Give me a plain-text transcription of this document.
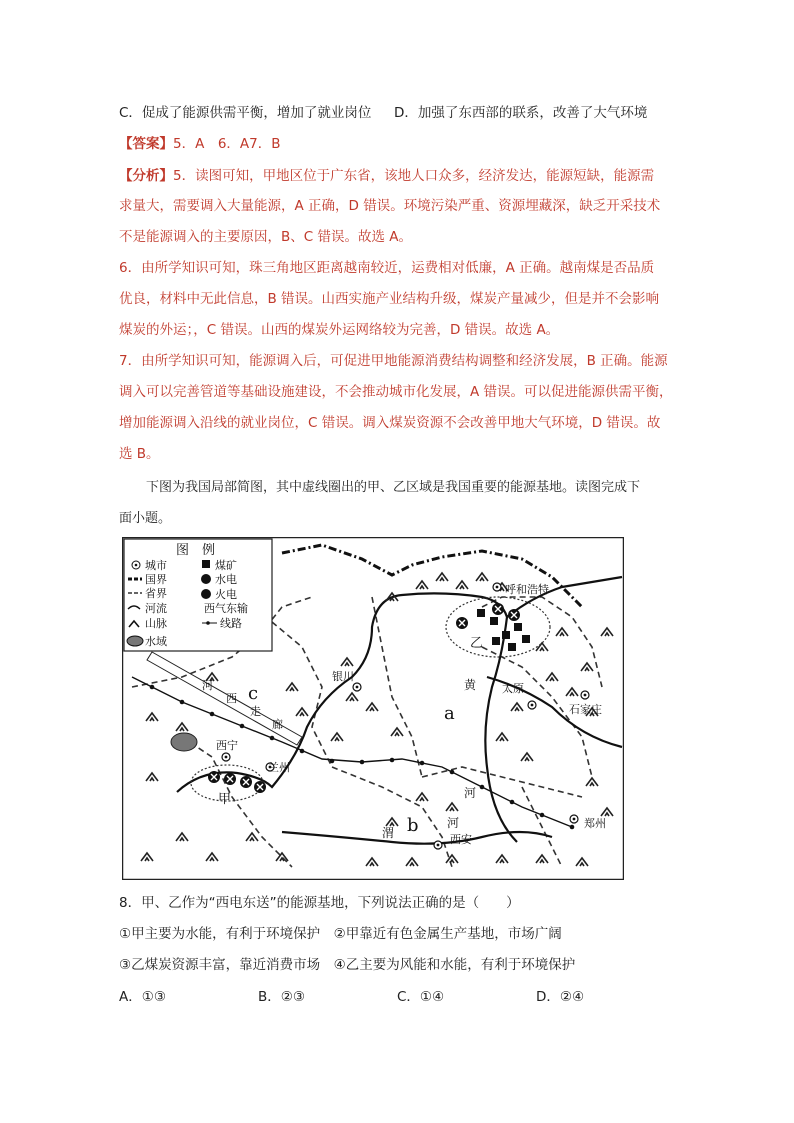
C．促成了能源供需平衡，增加了就业岗位 D．加强了东西部的联系，改善了大气环境
【答案】5．A　6．A7．B
【分析】5．读图可知，甲地区位于广东省，该地人口众多，经济发达，能源短缺，能源需
求量大，需要调入大量能源，A 正确，D 错误。环境污染严重、资源埋藏深，缺乏开采技术
不是能源调入的主要原因，B、C 错误。故选 A。
6．由所学知识可知，珠三角地区距离越南较近，运费相对低廉，A 正确。越南煤是否品质
优良，材料中无此信息，B 错误。山西实施产业结构升级，煤炭产量减少，但是并不会影响
煤炭的外运；，C 错误。山西的煤炭外运网络较为完善，D 错误。故选 A。
7．由所学知识可知，能源调入后，可促进甲地能源消费结构调整和经济发展，B 正确。能源
调入可以完善管道等基础设施建设，不会推动城市化发展，A 错误。可以促进能源供需平衡，
增加能源调入沿线的就业岗位，C 错误。调入煤炭资源不会改善甲地大气环境，D 错误。故
选 B。
下图为我国局部简图，其中虚线圈出的甲、乙区域是我国重要的能源基地。读图完成下
面小题。
图　例
城市	煤矿
国界	水电
省界	火电
河流	西气东输
山脉	线路
水域
呼和浩特
银川
太原
石家庄
西宁
兰州
西安
郑州
甲
乙
a
b
c	黄
河
渭
河
河
西
走
廊
8．甲、乙作为“西电东送”的能源基地，下列说法正确的是（　　）
①甲主要为水能，有利于环境保护　②甲靠近有色金属生产基地，市场广阔
③乙煤炭资源丰富，靠近消费市场　④乙主要为风能和水能，有利于环境保护
A．①③	B．②③	C．①④	D．②④
